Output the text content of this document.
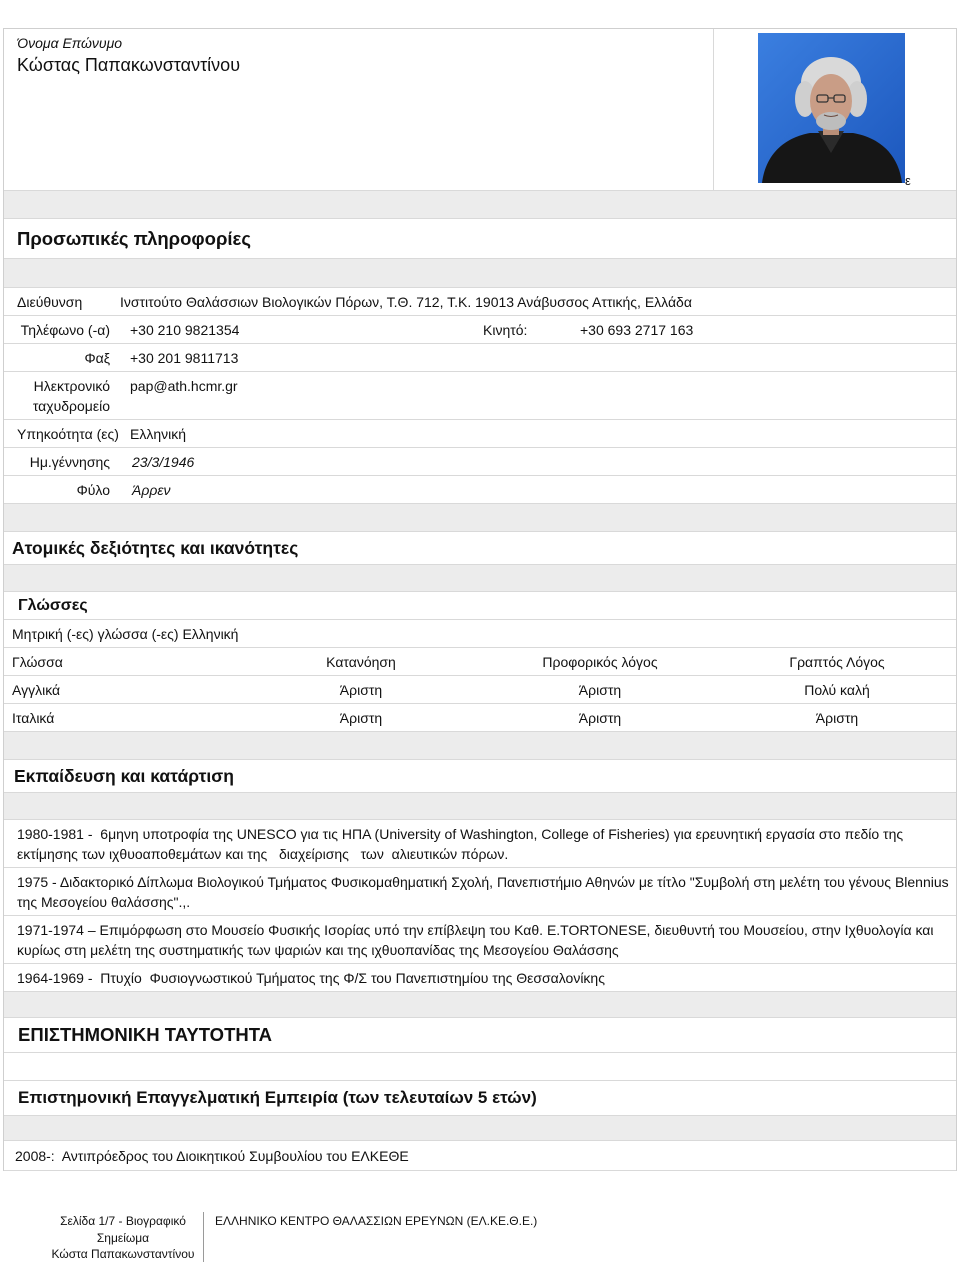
Όνομα Επώνυμο
Κώστας Παπακωνσταντίνου
ε
Προσωπικές πληροφορίες
Διεύθυνση	Ινστιτούτο Θαλάσσιων Βιολογικών Πόρων, Τ.Θ. 712, Τ.Κ. 19013 Ανάβυσσος Αττικής, Ελλάδα
Τηλέφωνο (-α) +30 210 9821354	Κινητό:	+30 693 2717 163
Φαξ +30 201 9811713
Ηλεκτρονικό
ταχυδρομείο
pap@ath.hcmr.gr
Υπηκοότητα (ες) Ελληνική
Ημ.γέννησης 23/3/1946
Φύλο Άρρεν
Ατομικές δεξιότητες και ικανότητες
Γλώσσες
Μητρική (-ες) γλώσσα (-ες) Ελληνική
Γλώσσα	Κατανόηση	Προφορικός λόγος	Γραπτός Λόγος
Αγγλικά	Άριστη	Άριστη	Πολύ καλή
Ιταλικά	Άριστη	Άριστη	Άριστη
Εκπαίδευση και κατάρτιση
1980-1981 -  6μηνη υποτροφία της UNESCO για τις ΗΠΑ (University of Washington, College of Fisheries) για ερευνητική εργασία στο πεδίο της εκτίμησης των ιχθυοαποθεμάτων και της   διαχείρισης   των  αλιευτικών πόρων.
1975 - Διδακτορικό Δίπλωμα Βιολογικού Τμήματος Φυσικομαθηματική Σχολή, Πανεπιστήμιο Αθηνών με τίτλο "Συμβολή στη μελέτη του γένους Blennius της Μεσογείου θαλάσσης".,.
1971-1974 – Επιμόρφωση στο Μουσείο Φυσικής Ισορίας υπό την επίβλεψη του Καθ. Ε.TORTONESE, διευθυντή του Μουσείου, στην Ιχθυολογία και κυρίως στη μελέτη της συστηματικής των ψαριών και της ιχθυοπανίδας της Μεσογείου Θαλάσσης
1964-1969 -  Πτυχίο  Φυσιογνωστικού Τμήματος της Φ/Σ του Πανεπιστημίου της Θεσσαλονίκης
ΕΠΙΣΤΗΜΟΝΙΚΗ ΤΑΥΤΟΤΗΤΑ
Επιστημονική Επαγγελματική Εμπειρία (των τελευταίων 5 ετών)
2008-:  Αντιπρόεδρος του Διοικητικού Συμβουλίου του ΕΛΚΕΘΕ
Σελίδα 1/7 - Βιογραφικό
Σημείωμα
Κώστα Παπακωνσταντίνου
ΕΛΛΗΝΙΚΟ ΚΕΝΤΡΟ ΘΑΛΑΣΣΙΩΝ ΕΡΕΥΝΩΝ (ΕΛ.ΚΕ.Θ.Ε.)
